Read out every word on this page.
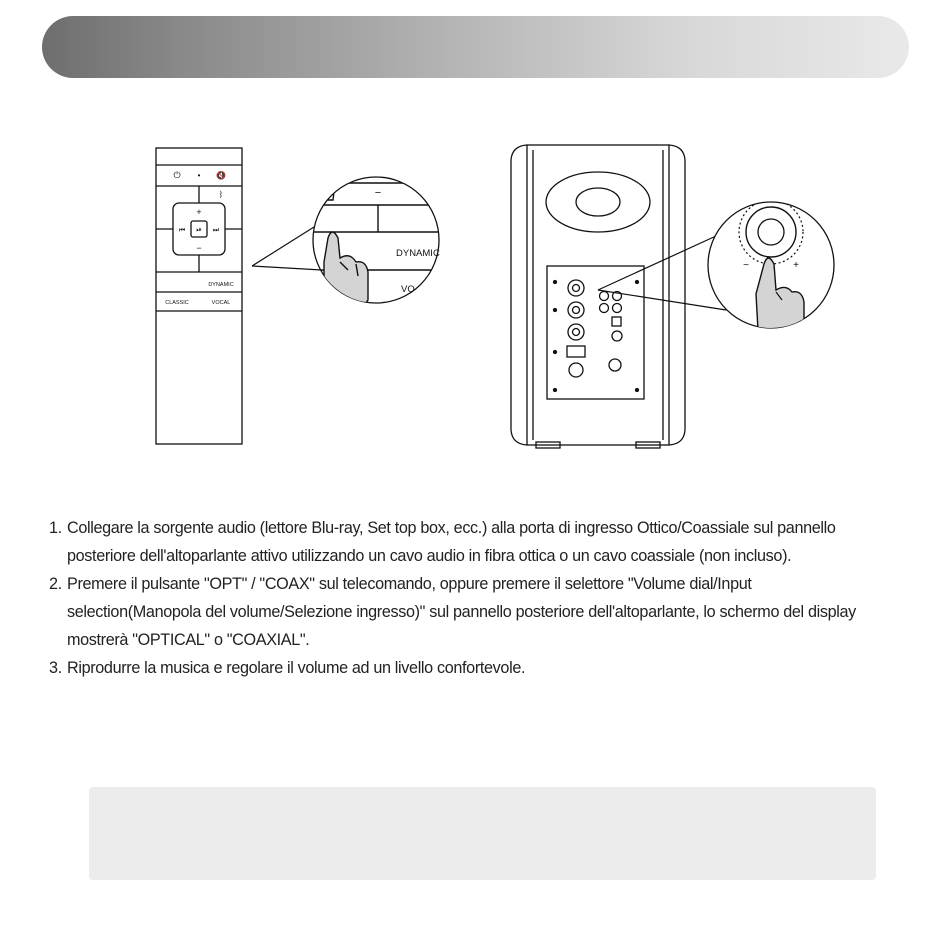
⏻ • 🔇
ᛒ
+
−
⏮ ⏯ ⏭
DYNAMIC
CLASSIC	VOCAL
−
DYNAMIC
VO
−	+
1. Collegare la sorgente audio (lettore Blu-ray, Set top box, ecc.) alla porta di ingresso Ottico/Coassiale sul pannello posteriore dell'altoparlante attivo utilizzando un cavo audio in fibra ottica o un cavo coassiale (non incluso).
2. Premere il pulsante "OPT" / "COAX" sul telecomando, oppure premere il selettore "Volume dial/Input selection(Manopola del volume/Selezione ingresso)" sul pannello posteriore dell'altoparlante, lo schermo del display mostrerà "OPTICAL" o "COAXIAL".
3. Riprodurre la musica e regolare il volume ad un livello confortevole.
